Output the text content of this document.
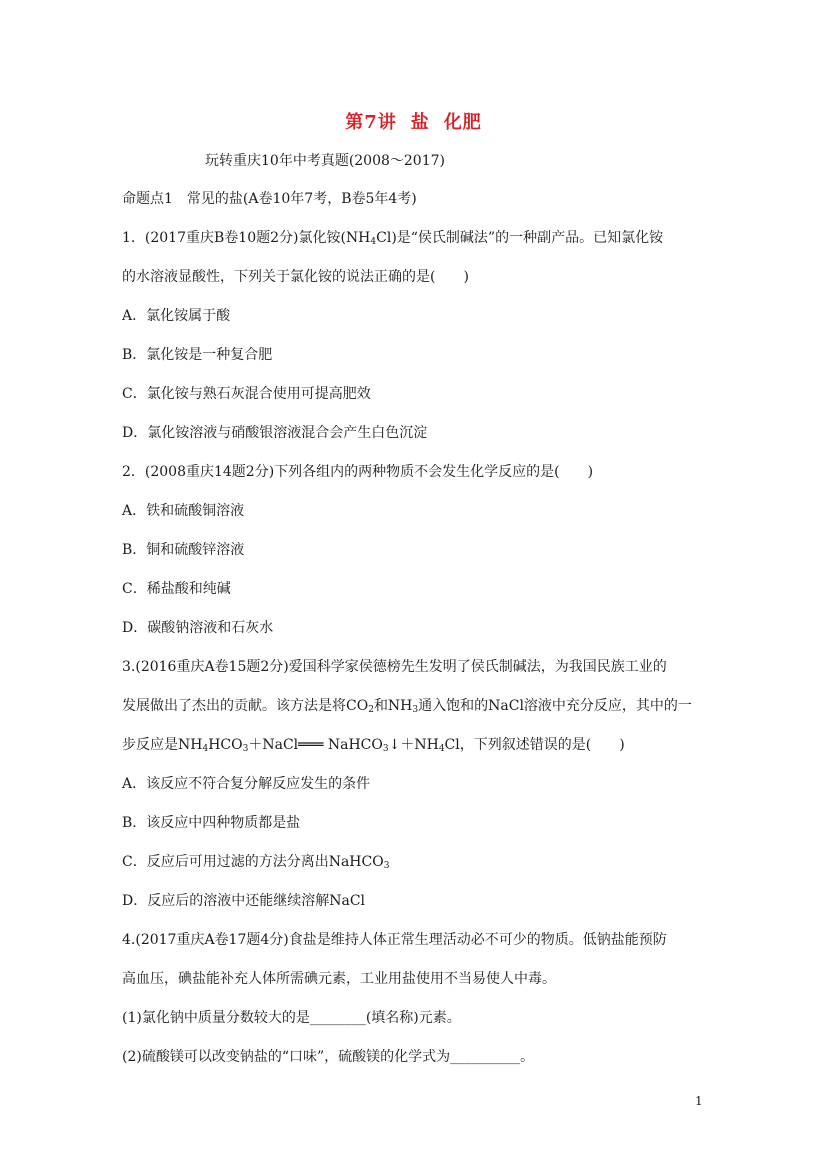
第7讲 盐 化肥
玩转重庆10年中考真题(2008～2017)
命题点1　常见的盐(A卷10年7考，B卷5年4考)
1．(2017重庆B卷10题2分)氯化铵$(NH_4Cl)$是“侯氏制碱法”的一种副产品。已知氯化铵
的水溶液显酸性，下列关于氯化铵的说法正确的是(　　)
A．氯化铵属于酸
B．氯化铵是一种复合肥
C．氯化铵与熟石灰混合使用可提高肥效
D．氯化铵溶液与硝酸银溶液混合会产生白色沉淀
2．(2008重庆14题2分)下列各组内的两种物质不会发生化学反应的是(　　)
A．铁和硫酸铜溶液
B．铜和硫酸锌溶液
C．稀盐酸和纯碱
D．碳酸钠溶液和石灰水
3.(2016重庆A卷15题2分)爱国科学家侯德榜先生发明了侯氏制碱法，为我国民族工业的
发展做出了杰出的贡献。该方法是将$CO_2$和$NH_3$通入饱和的NaCl溶液中充分反应，其中的一
步反应是$NH_4HCO_3+NaCl═══$ $NaHCO_3↓+NH_4Cl$，下列叙述错误的是(　　)
A．该反应不符合复分解反应发生的条件
B．该反应中四种物质都是盐
C．反应后可用过滤的方法分离出NaHCO$_3$
D．反应后的溶液中还能继续溶解NaCl
4.(2017重庆A卷17题4分)食盐是维持人体正常生理活动必不可少的物质。低钠盐能预防
高血压，碘盐能补充人体所需碘元素，工业用盐使用不当易使人中毒。
(1)氯化钠中质量分数较大的是________(填名称)元素。
(2)硫酸镁可以改变钠盐的“口味”，硫酸镁的化学式为__________。
1
